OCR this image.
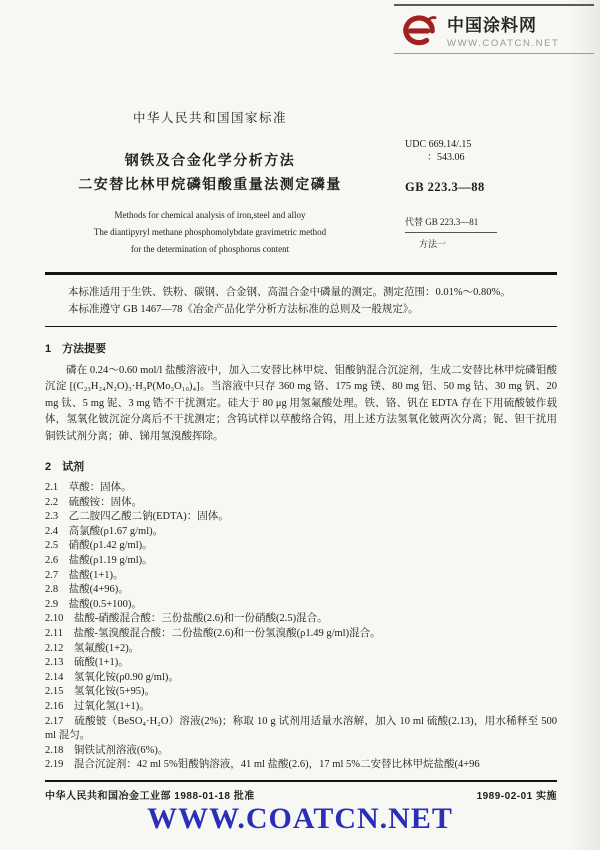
中国涂料网
WWW.COATCN.NET
中华人民共和国国家标准
钢铁及合金化学分析方法
二安替比林甲烷磷钼酸重量法测定磷量
Methods for chemical analysis of iron,steel and alloy
The diantipyryl methane phosphomolybdate gravimetric method
for the determination of phosphorus content
UDC 669.14/.15
：543.06
GB 223.3—88
代替 GB 223.3—81
方法一

本标准适用于生铁、铁粉、碳钢、合金钢、高温合金中磷量的测定。测定范围：0.01%～0.80%。

本标准遵守 GB 1467—78《冶金产品化学分析方法标准的总则及一般规定》。

1　方法提要

磷在 0.24～0.60 mol/l 盐酸溶液中，加入二安替比林甲烷、钼酸钠混合沉淀剂，生成二安替比林甲烷磷钼酸沉淀 [(C₂₃H₂₄N₂O)₃·H₃P(Mo₃O₁₀)₄]。当溶液中只存 360 mg 铬、175 mg 镁、80 mg 铝、50 mg 钴、30 mg 钒、20 mg 钛、5 mg 铌、3 mg 锆不干扰测定。硅大于 80 μg 用氢氟酸处理。铁、铬、钒在 EDTA 存在下用硫酸铍作载体，氢氧化铍沉淀分离后不干扰测定；含钨试样以草酸络合钨，用上述方法氢氧化铍两次分离；铌、钽干扰用铜铁试剂分离；砷、锑用氢溴酸挥除。

2　试剂
2.1　草酸：固体。
2.2　硫酸铵：固体。
2.3　乙二胺四乙酸二钠(EDTA)：固体。
2.4　高氯酸(ρ1.67 g/ml)。
2.5　硝酸(ρ1.42 g/ml)。
2.6　盐酸(ρ1.19 g/ml)。
2.7　盐酸(1+1)。
2.8　盐酸(4+96)。
2.9　盐酸(0.5+100)。
2.10　盐酸-硝酸混合酸：三份盐酸(2.6)和一份硝酸(2.5)混合。
2.11　盐酸-氢溴酸混合酸：二份盐酸(2.6)和一份氢溴酸(ρ1.49 g/ml)混合。
2.12　氢氟酸(1+2)。
2.13　硫酸(1+1)。
2.14　氢氧化铵(ρ0.90 g/ml)。
2.15　氢氧化铵(5+95)。
2.16　过氧化氢(1+1)。
2.17　硫酸铍（BeSO₄·H₂O）溶液(2%)；称取 10 g 试剂用适量水溶解，加入 10 ml 硫酸(2.13)，用水稀释至 500 ml 混匀。
2.18　铜铁试剂溶液(6%)。
2.19　混合沉淀剂：42 ml 5%钼酸钠溶液，41 ml 盐酸(2.6)，17 ml 5%二安替比林甲烷盐酸(4+96
中华人民共和国冶金工业部 1988-01-18 批准	1989-02-01 实施
WWW.COATCN.NET
